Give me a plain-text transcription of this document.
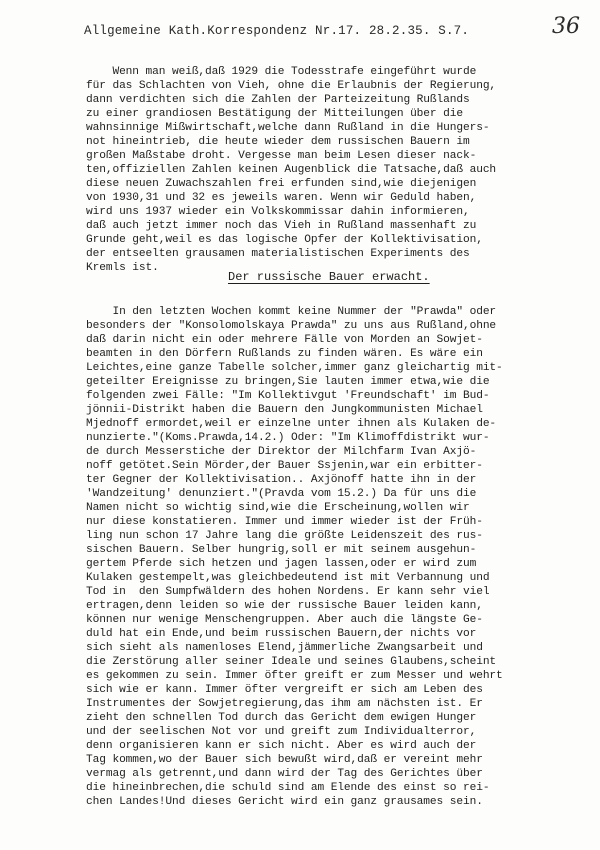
Allgemeine Kath.Korrespondenz Nr.17. 28.2.35. S.7.	36
Wenn man weiß,daß 1929 die Todesstrafe eingeführt wurde
für das Schlachten von Vieh, ohne die Erlaubnis der Regierung,
dann verdichten sich die Zahlen der Parteizeitung Rußlands
zu einer grandiosen Bestätigung der Mitteilungen über die
wahnsinnige Mißwirtschaft,welche dann Rußland in die Hungers-
not hineintrieb, die heute wieder dem russischen Bauern im
großen Maßstabe droht. Vergesse man beim Lesen dieser nack-
ten,offiziellen Zahlen keinen Augenblick die Tatsache,daß auch
diese neuen Zuwachszahlen frei erfunden sind,wie diejenigen
von 1930,31 und 32 es jeweils waren. Wenn wir Geduld haben,
wird uns 1937 wieder ein Volkskommissar dahin informieren,
daß auch jetzt immer noch das Vieh in Rußland massenhaft zu
Grunde geht,weil es das logische Opfer der Kollektivisation,
der entseelten grausamen materialistischen Experiments des
Kremls ist.
Der russische Bauer erwacht.
In den letzten Wochen kommt keine Nummer der "Prawda" oder
besonders der "Konsolomolskaya Prawda" zu uns aus Rußland,ohne
daß darin nicht ein oder mehrere Fälle von Morden an Sowjet-
beamten in den Dörfern Rußlands zu finden wären. Es wäre ein
Leichtes,eine ganze Tabelle solcher,immer ganz gleichartig mit-
geteilter Ereignisse zu bringen,Sie lauten immer etwa,wie die
folgenden zwei Fälle: "Im Kollektivgut 'Freundschaft' im Bud-
jönnii-Distrikt haben die Bauern den Jungkommunisten Michael
Mjednoff ermordet,weil er einzelne unter ihnen als Kulaken de-
nunzierte."(Koms.Prawda,14.2.) Oder: "Im Klimoffdistrikt wur-
de durch Messerstiche der Direktor der Milchfarm Ivan Axjö-
noff getötet.Sein Mörder,der Bauer Ssjenin,war ein erbitter-
ter Gegner der Kollektivisation.. Axjönoff hatte ihn in der
'Wandzeitung' denunziert."(Pravda vom 15.2.) Da für uns die
Namen nicht so wichtig sind,wie die Erscheinung,wollen wir
nur diese konstatieren. Immer und immer wieder ist der Früh-
ling nun schon 17 Jahre lang die größte Leidenszeit des rus-
sischen Bauern. Selber hungrig,soll er mit seinem ausgehun-
gertem Pferde sich hetzen und jagen lassen,oder er wird zum
Kulaken gestempelt,was gleichbedeutend ist mit Verbannung und
Tod in  den Sumpfwäldern des hohen Nordens. Er kann sehr viel
ertragen,denn leiden so wie der russische Bauer leiden kann,
können nur wenige Menschengruppen. Aber auch die längste Ge-
duld hat ein Ende,und beim russischen Bauern,der nichts vor
sich sieht als namenloses Elend,jämmerliche Zwangsarbeit und
die Zerstörung aller seiner Ideale und seines Glaubens,scheint
es gekommen zu sein. Immer öfter greift er zum Messer und wehrt
sich wie er kann. Immer öfter vergreift er sich am Leben des
Instrumentes der Sowjetregierung,das ihm am nächsten ist. Er
zieht den schnellen Tod durch das Gericht dem ewigen Hunger
und der seelischen Not vor und greift zum Individualterror,
denn organisieren kann er sich nicht. Aber es wird auch der
Tag kommen,wo der Bauer sich bewußt wird,daß er vereint mehr
vermag als getrennt,und dann wird der Tag des Gerichtes über
die hineinbrechen,die schuld sind am Elende des einst so rei-
chen Landes!Und dieses Gericht wird ein ganz grausames sein.
